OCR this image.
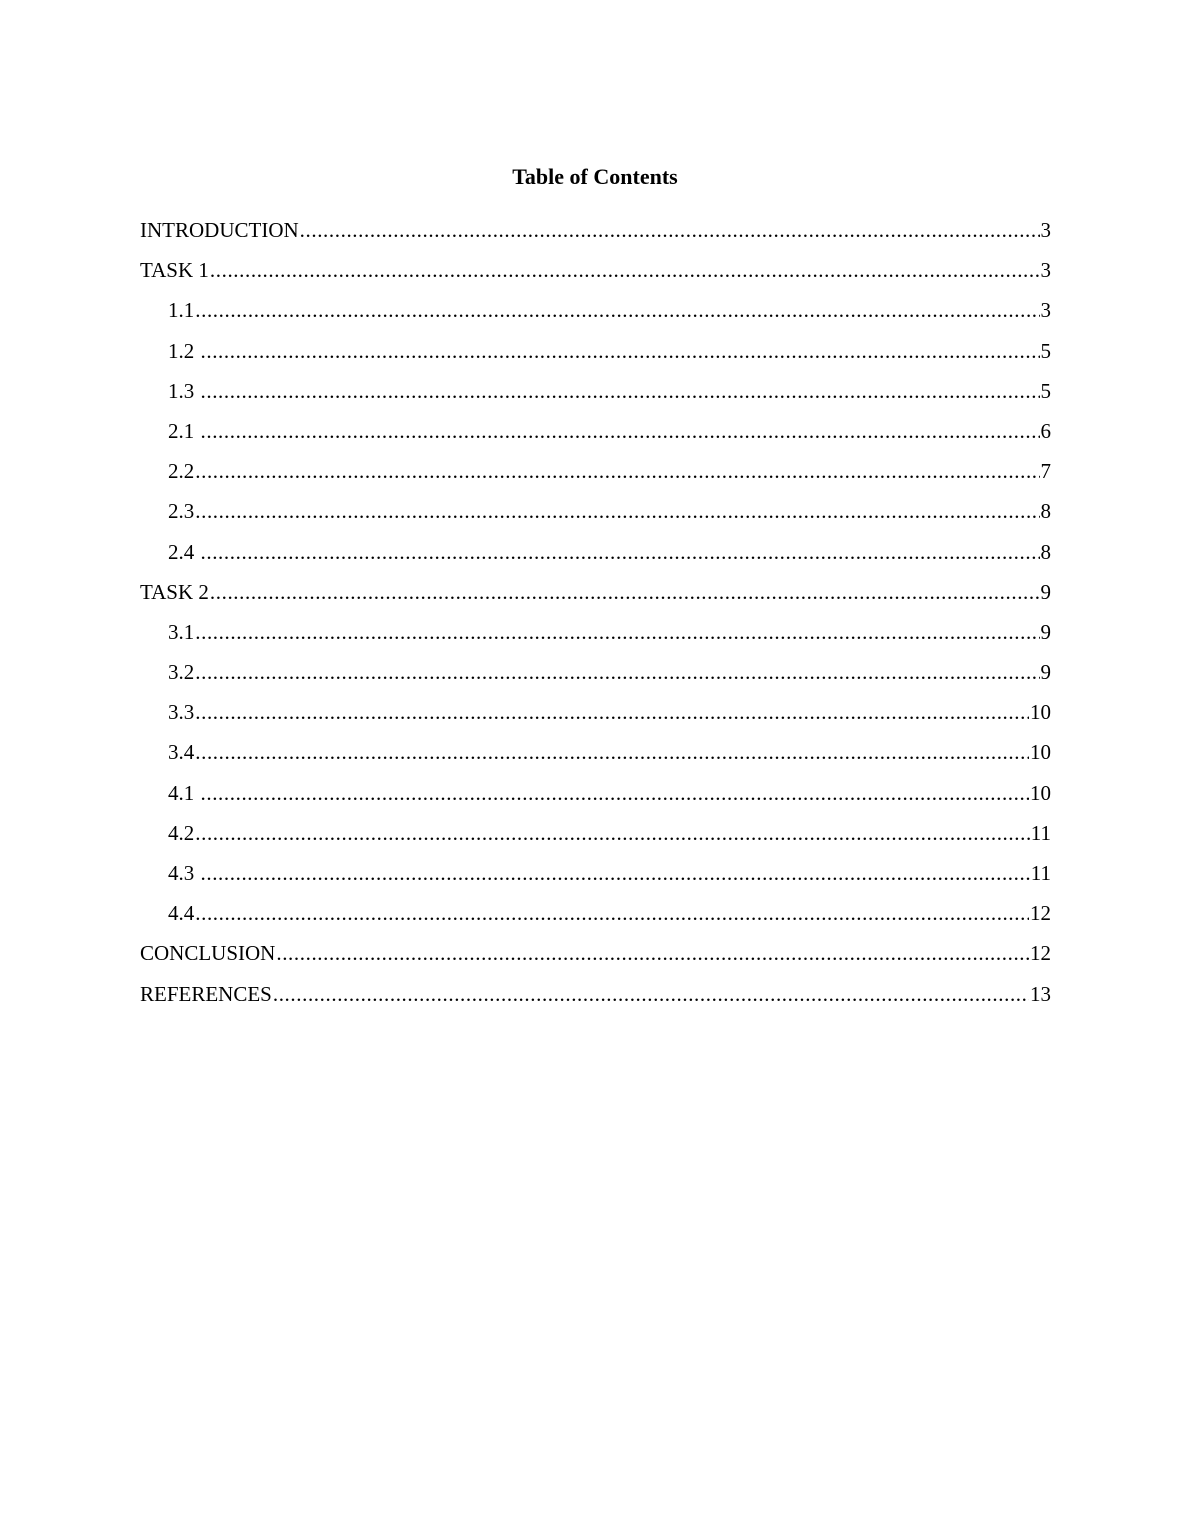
Table of Contents
INTRODUCTION .....	3
TASK 1 .....	3
1.1 .....	3
1.2 .....	5
1.3 .....	5
2.1 .....	6
2.2 .....	7
2.3 .....	8
2.4 .....	8
TASK 2 .....	9
3.1 .....	9
3.2 .....	9
3.3 .....	10
3.4 .....	10
4.1 .....	10
4.2 .....	11
4.3 .....	11
4.4 .....	12
CONCLUSION .....	12
REFERENCES .....	13
